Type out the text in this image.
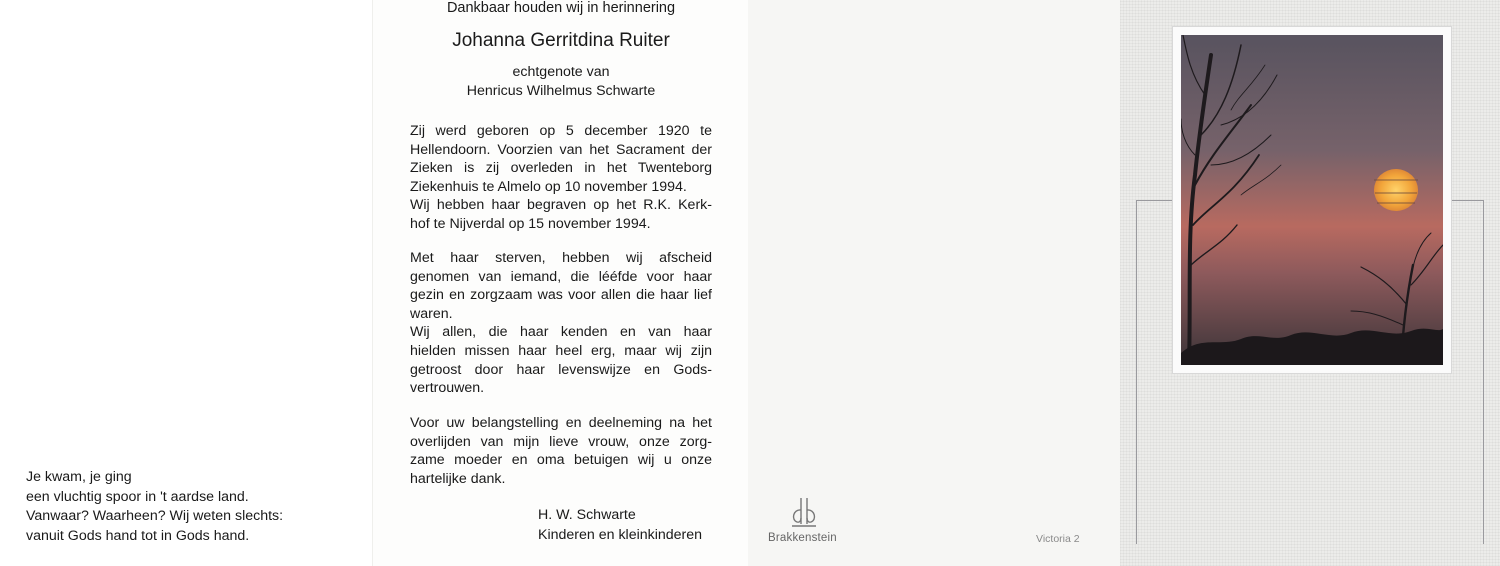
Je kwam, je ging
een vluchtig spoor in 't aardse land.
Vanwaar? Waarheen? Wij weten slechts:
vanuit Gods hand tot in Gods hand.
Dankbaar houden wij in herinnering
Johanna Gerritdina Ruiter
echtgenote van
Henricus Wilhelmus Schwarte
Zij werd geboren op 5 december 1920 te
Hellendoorn. Voorzien van het Sacrament der
Zieken is zij overleden in het Twenteborg
Ziekenhuis te Almelo op 10 november 1994.
Wij hebben haar begraven op het R.K. Kerk-
hof te Nijverdal op 15 november 1994.
Met haar sterven, hebben wij afscheid
genomen van iemand, die lééfde voor haar
gezin en zorgzaam was voor allen die haar lief
waren.
Wij allen, die haar kenden en van haar
hielden missen haar heel erg, maar wij zijn
getroost door haar levenswijze en Gods-
vertrouwen.
Voor uw belangstelling en deelneming na het
overlijden van mijn lieve vrouw, onze zorg-
zame moeder en oma betuigen wij u onze
hartelijke dank.
H. W. Schwarte
Kinderen en kleinkinderen	Brakkenstein	Victoria 2
